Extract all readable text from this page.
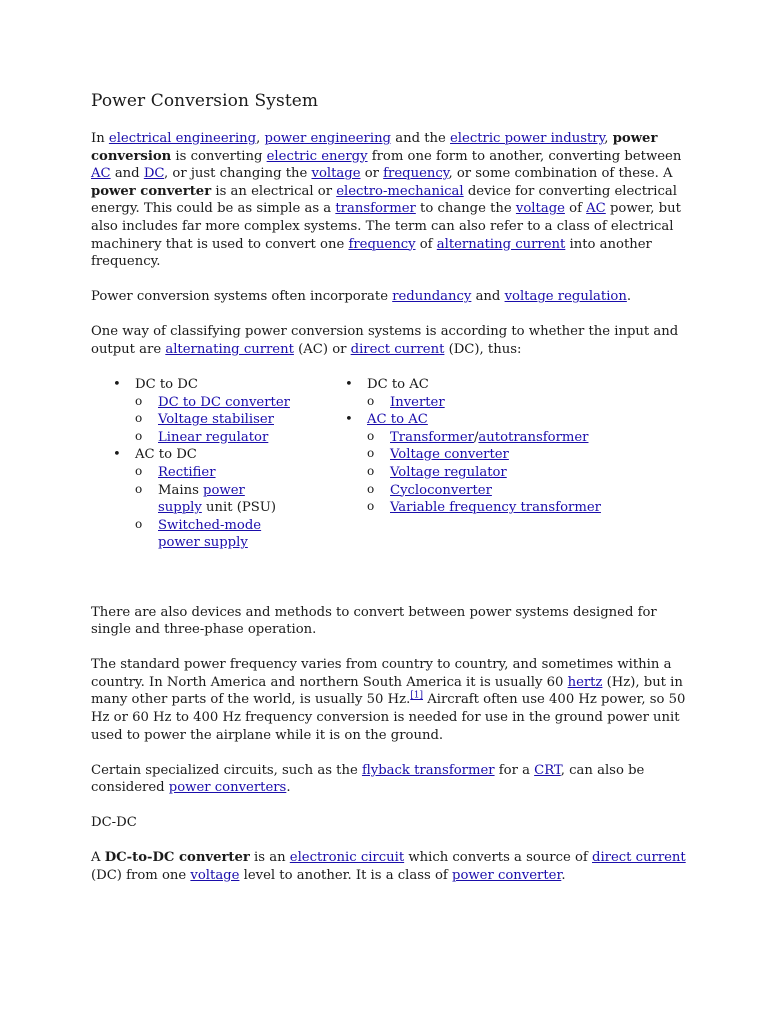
Power Conversion System

In electrical engineering, power engineering and the electric power industry, power conversion is converting electric energy from one form to another, converting between AC and DC, or just changing the voltage or frequency, or some combination of these. A power converter is an electrical or electro-mechanical device for converting electrical energy. This could be as simple as a transformer to change the voltage of AC power, but also includes far more complex systems. The term can also refer to a class of electrical machinery that is used to convert one frequency of alternating current into another frequency.

Power conversion systems often incorporate redundancy and voltage regulation.

One way of classifying power conversion systems is according to whether the input and output are alternating current (AC) or direct current (DC), thus:

• DC to DC
o DC to DC converter
o Voltage stabiliser
o Linear regulator
• AC to DC
o Rectifier
o Mains power supply unit (PSU)
o Switched-mode power supply
• DC to AC
o Inverter
• AC to AC
o Transformer/autotransformer
o Voltage converter
o Voltage regulator
o Cycloconverter
o Variable frequency transformer

There are also devices and methods to convert between power systems designed for single and three-phase operation.

The standard power frequency varies from country to country, and sometimes within a country. In North America and northern South America it is usually 60 hertz (Hz), but in many other parts of the world, is usually 50 Hz.[1] Aircraft often use 400 Hz power, so 50 Hz or 60 Hz to 400 Hz frequency conversion is needed for use in the ground power unit used to power the airplane while it is on the ground.

Certain specialized circuits, such as the flyback transformer for a CRT, can also be considered power converters.

DC-DC

A DC-to-DC converter is an electronic circuit which converts a source of direct current (DC) from one voltage level to another. It is a class of power converter.
